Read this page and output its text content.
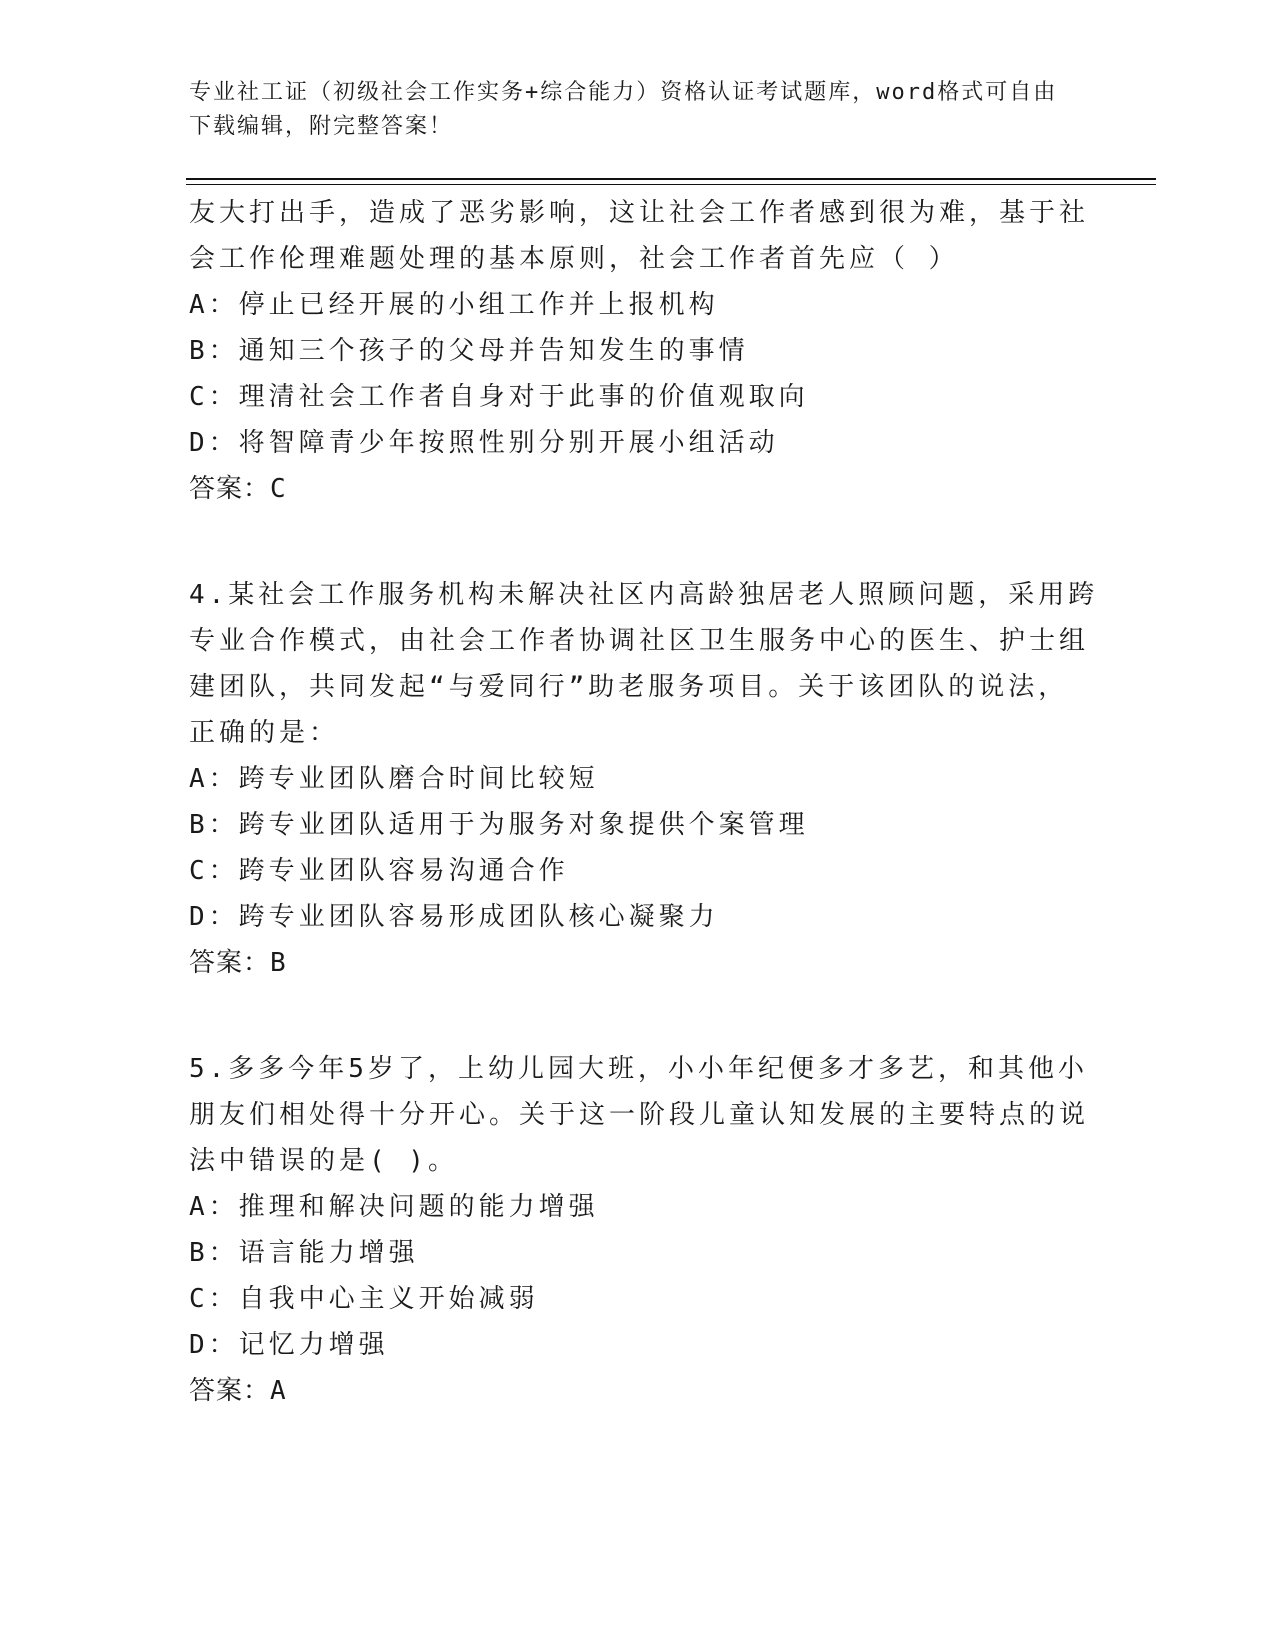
专业社工证（初级社会工作实务+综合能力）资格认证考试题库，word格式可自由
下载编辑，附完整答案！
友大打出手，造成了恶劣影响，这让社会工作者感到很为难，基于社
会工作伦理难题处理的基本原则，社会工作者首先应（ ）
A：停止已经开展的小组工作并上报机构
B：通知三个孩子的父母并告知发生的事情
C：理清社会工作者自身对于此事的价值观取向
D：将智障青少年按照性别分别开展小组活动
答案：C
4.某社会工作服务机构未解决社区内高龄独居老人照顾问题，采用跨
专业合作模式，由社会工作者协调社区卫生服务中心的医生、护士组
建团队，共同发起“与爱同行”助老服务项目。关于该团队的说法，
正确的是：
A：跨专业团队磨合时间比较短
B：跨专业团队适用于为服务对象提供个案管理
C：跨专业团队容易沟通合作
D：跨专业团队容易形成团队核心凝聚力
答案：B
5.多多今年5岁了，上幼儿园大班，小小年纪便多才多艺，和其他小
朋友们相处得十分开心。关于这一阶段儿童认知发展的主要特点的说
法中错误的是( )。
A：推理和解决问题的能力增强
B：语言能力增强
C：自我中心主义开始减弱
D：记忆力增强
答案：A
